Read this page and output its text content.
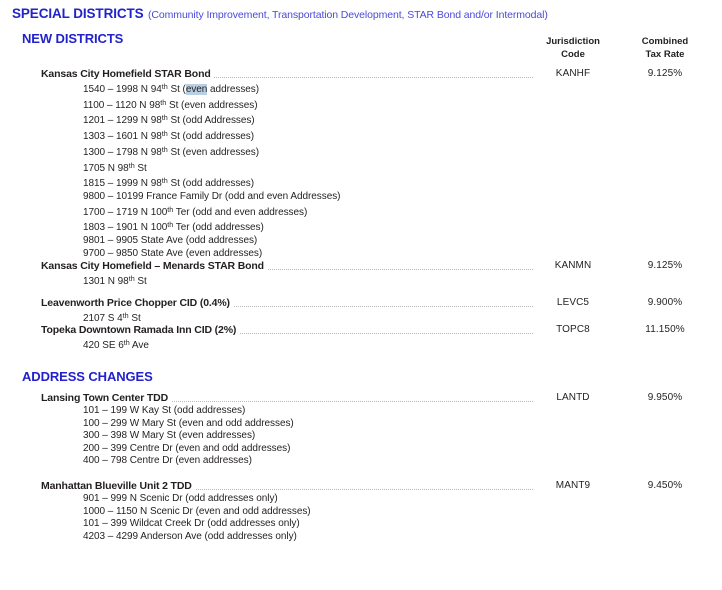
SPECIAL DISTRICTS (Community Improvement, Transportation Development, STAR Bond and/or Intermodal)
Jurisdiction
Code
Combined
Tax Rate
NEW DISTRICTS
Kansas City Homefield STAR Bond	KANHF	9.125%
1540 – 1998 N 94th St (even addresses)
1100 – 1120 N 98th St (even addresses)
1201 – 1299 N 98th St (odd Addresses)
1303 – 1601 N 98th St (odd addresses)
1300 – 1798 N 98th St (even addresses)
1705 N 98th St
1815 – 1999 N 98th St (odd addresses)
9800 – 10199 France Family Dr (odd and even Addresses)
1700 – 1719 N 100th Ter (odd and even addresses)
1803 – 1901 N 100th Ter (odd addresses)
9801 – 9905 State Ave (odd addresses)
9700 – 9850 State Ave (even addresses)
Kansas City Homefield – Menards STAR Bond	KANMN	9.125%
1301 N 98th St
Leavenworth Price Chopper CID (0.4%)	LEVC5	9.900%
2107 S 4th St
Topeka Downtown Ramada Inn CID (2%)	TOPC8	11.150%
420 SE 6th Ave
ADDRESS CHANGES
Lansing Town Center TDD	LANTD	9.950%
101 – 199 W Kay St (odd addresses)
100 – 299 W Mary St (even and odd addresses)
300 – 398 W Mary St (even addresses)
200 – 399 Centre Dr (even and odd addresses)
400 – 798 Centre Dr (even addresses)
Manhattan Blueville Unit 2 TDD	MANT9	9.450%
901 – 999 N Scenic Dr (odd addresses only)
1000 – 1150 N Scenic Dr (even and odd addresses)
101 – 399 Wildcat Creek Dr (odd addresses only)
4203 – 4299 Anderson Ave (odd addresses only)
